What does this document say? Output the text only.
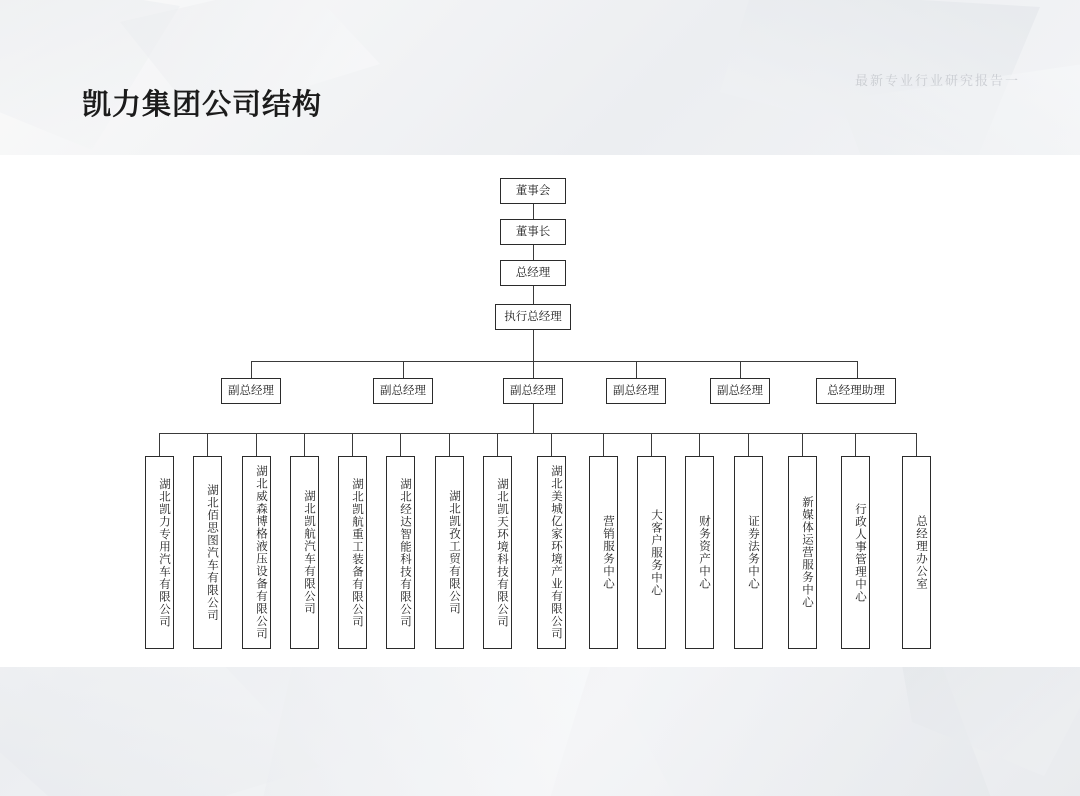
最新专业行业研究报告一
凯力集团公司结构
董事会
董事长
总经理
执行总经理
副总经理	副总经理	副总经理	副总经理	副总经理	总经理助理
湖北凯力专用汽车有限公司	湖北佰思图汽车有限公司	湖北威森博格液压设备有限公司	湖北凯航汽车有限公司	湖北凯航重工装备有限公司	湖北经达智能科技有限公司	湖北凯孜工贸有限公司	湖北凯天环境科技有限公司	湖北美城亿家环境产业有限公司	营销服务中心	大客户服务中心	财务资产中心	证券法务中心	新媒体运营服务中心	行政人事管理中心	总经理办公室
